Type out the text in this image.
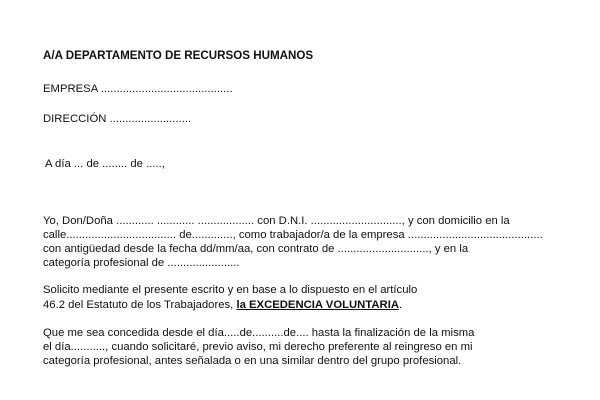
A/A DEPARTAMENTO DE RECURSOS HUMANOS
EMPRESA ..........................................
DIRECCIÓN ..........................
A día ... de ........ de .....,
Yo, Don/Doña ............ ............ .................. con D.N.I. ............................., y con domicilio en la
calle................................... de............., como trabajador/a de la empresa ...........................................
con antigüedad desde la fecha dd/mm/aa, con contrato de ............................., y en la
categoría profesional de .......................
Solicito mediante el presente escrito y en base a lo dispuesto en el artículo
46.2 del Estatuto de los Trabajadores, la EXCEDENCIA VOLUNTARIA.
Que me sea concedida desde el día.....de..........de.... hasta la finalización de la misma
el día..........., cuando solicitaré, previo aviso, mi derecho preferente al reingreso en mi
categoría profesional, antes señalada o en una similar dentro del grupo profesional.
